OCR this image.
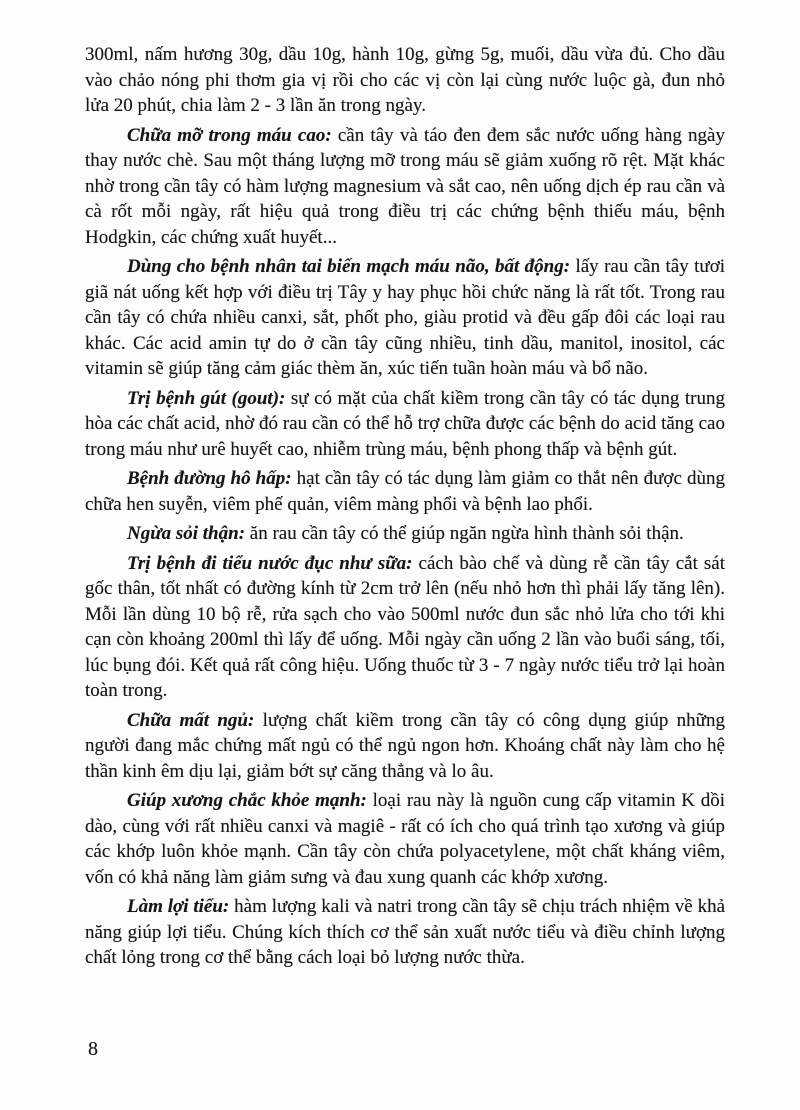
300ml, nấm hương 30g, dầu 10g, hành 10g, gừng 5g, muối, dầu vừa đủ. Cho dầu vào chảo nóng phi thơm gia vị rồi cho các vị còn lại cùng nước luộc gà, đun nhỏ lửa 20 phút, chia làm 2 - 3 lần ăn trong ngày.

Chữa mỡ trong máu cao: cần tây và táo đen đem sắc nước uống hàng ngày thay nước chè. Sau một tháng lượng mỡ trong máu sẽ giảm xuống rõ rệt. Mặt khác nhờ trong cần tây có hàm lượng magnesium và sắt cao, nên uống dịch ép rau cần và cà rốt mỗi ngày, rất hiệu quả trong điều trị các chứng bệnh thiếu máu, bệnh Hodgkin, các chứng xuất huyết...

Dùng cho bệnh nhân tai biến mạch máu não, bất động: lấy rau cần tây tươi giã nát uống kết hợp với điều trị Tây y hay phục hồi chức năng là rất tốt. Trong rau cần tây có chứa nhiều canxi, sắt, phốt pho, giàu protid và đều gấp đôi các loại rau khác. Các acid amin tự do ở cần tây cũng nhiều, tinh dầu, manitol, inositol, các vitamin sẽ giúp tăng cảm giác thèm ăn, xúc tiến tuần hoàn máu và bổ não.

Trị bệnh gút (gout): sự có mặt của chất kiềm trong cần tây có tác dụng trung hòa các chất acid, nhờ đó rau cần có thể hỗ trợ chữa được các bệnh do acid tăng cao trong máu như urê huyết cao, nhiễm trùng máu, bệnh phong thấp và bệnh gút.

Bệnh đường hô hấp: hạt cần tây có tác dụng làm giảm co thắt nên được dùng chữa hen suyễn, viêm phế quản, viêm màng phổi và bệnh lao phổi.

Ngừa sỏi thận: ăn rau cần tây có thể giúp ngăn ngừa hình thành sỏi thận.

Trị bệnh đi tiểu nước đục như sữa: cách bào chế và dùng rễ cần tây cắt sát gốc thân, tốt nhất có đường kính từ 2cm trở lên (nếu nhỏ hơn thì phải lấy tăng lên). Mỗi lần dùng 10 bộ rễ, rửa sạch cho vào 500ml nước đun sắc nhỏ lửa cho tới khi cạn còn khoảng 200ml thì lấy để uống. Mỗi ngày cần uống 2 lần vào buổi sáng, tối, lúc bụng đói. Kết quả rất công hiệu. Uống thuốc từ 3 - 7 ngày nước tiểu trở lại hoàn toàn trong.

Chữa mất ngủ: lượng chất kiềm trong cần tây có công dụng giúp những người đang mắc chứng mất ngủ có thể ngủ ngon hơn. Khoáng chất này làm cho hệ thần kinh êm dịu lại, giảm bớt sự căng thẳng và lo âu.

Giúp xương chắc khỏe mạnh: loại rau này là nguồn cung cấp vitamin K dồi dào, cùng với rất nhiều canxi và magiê - rất có ích cho quá trình tạo xương và giúp các khớp luôn khỏe mạnh. Cần tây còn chứa polyacetylene, một chất kháng viêm, vốn có khả năng làm giảm sưng và đau xung quanh các khớp xương.

Làm lợi tiểu: hàm lượng kali và natri trong cần tây sẽ chịu trách nhiệm về khả năng giúp lợi tiểu. Chúng kích thích cơ thể sản xuất nước tiểu và điều chỉnh lượng chất lỏng trong cơ thể bằng cách loại bỏ lượng nước thừa.

8
